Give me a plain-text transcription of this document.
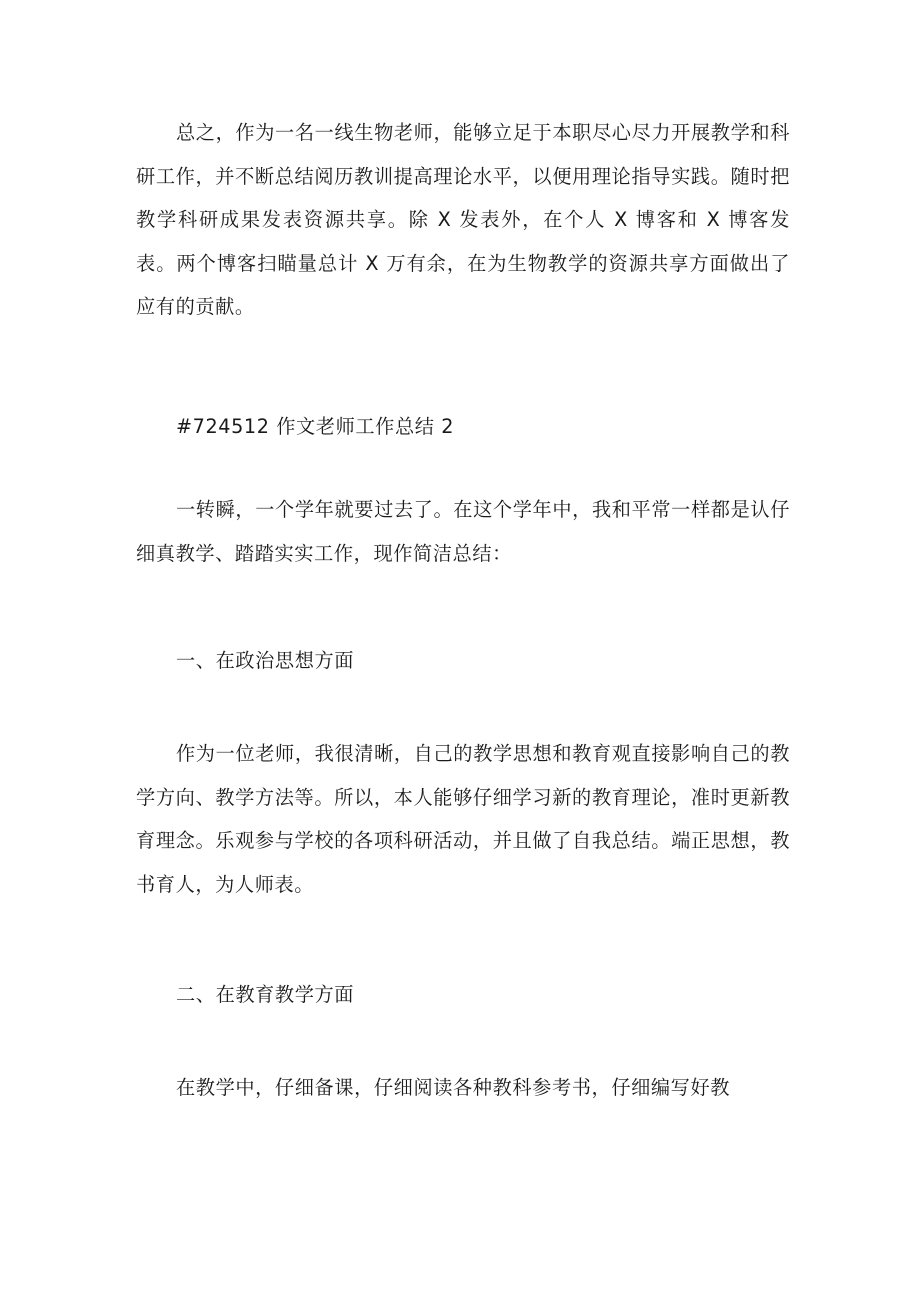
总之，作为一名一线生物老师，能够立足于本职尽心尽力开展教学和科研工作，并不断总结阅历教训提高理论水平，以便用理论指导实践。随时把教学科研成果发表资源共享。除 X 发表外，在个人 X 博客和 X 博客发表。两个博客扫瞄量总计 X 万有余，在为生物教学的资源共享方面做出了应有的贡献。

#724512 作文老师工作总结 2

一转瞬，一个学年就要过去了。在这个学年中，我和平常一样都是认仔细真教学、踏踏实实工作，现作简洁总结：

一、在政治思想方面

作为一位老师，我很清晰，自己的教学思想和教育观直接影响自己的教学方向、教学方法等。所以，本人能够仔细学习新的教育理论，准时更新教育理念。乐观参与学校的各项科研活动，并且做了自我总结。端正思想，教书育人，为人师表。

二、在教育教学方面

在教学中，仔细备课，仔细阅读各种教科参考书，仔细编写好教
